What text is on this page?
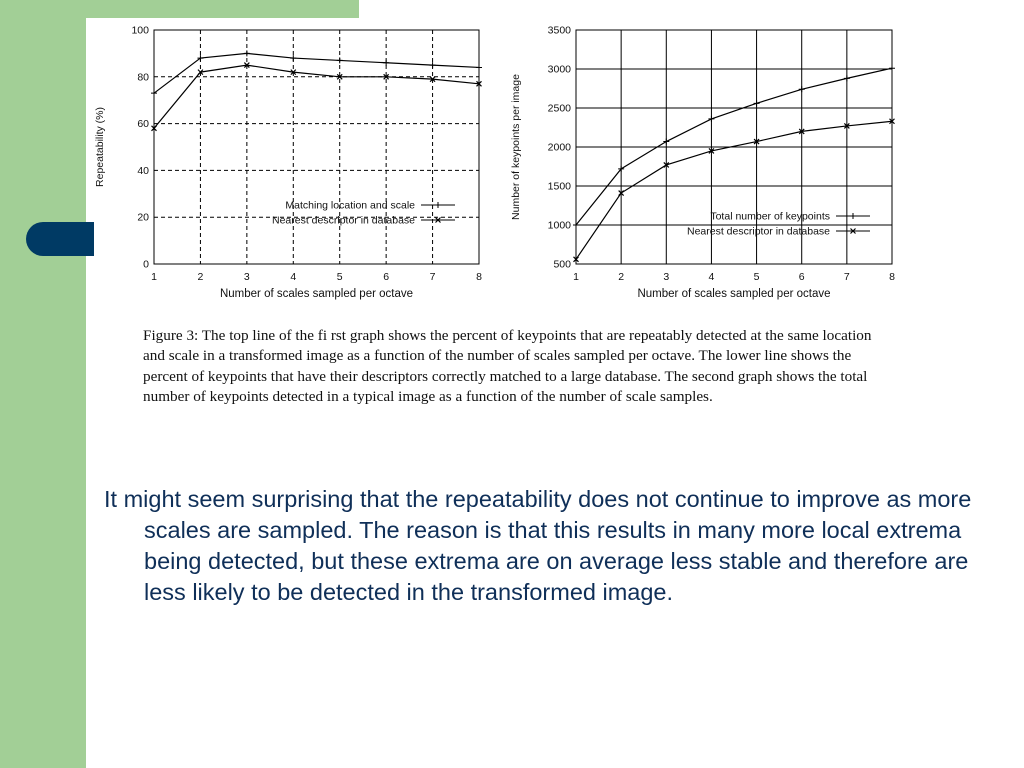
0
20
40
60
80
100
1	2	3	4	5	6	7	8
Number of scales sampled per octave
Repeatability (%)
Matching location and scale
Nearest descriptor in database
500
1000
1500
2000
2500
3000
3500
1	2	3	4	5	6	7	8
Number of scales sampled per octave
Number of keypoints per image	Total number of keypoints
Nearest descriptor in database
Figure 3: The top line of the fi rst graph shows the percent of keypoints that are repeatably detected at the same location and scale in a transformed image as a function of the number of scales sampled per octave. The lower line shows the percent of keypoints that have their descriptors correctly matched to a large database. The second graph shows the total number of keypoints detected in a typical image as a function of the number of scale samples.
It might seem surprising that the repeatability does not continue to improve as more scales are sampled. The reason is that this results in many more local extrema being detected, but these extrema are on average less stable and therefore are less likely to be detected in the transformed image.
